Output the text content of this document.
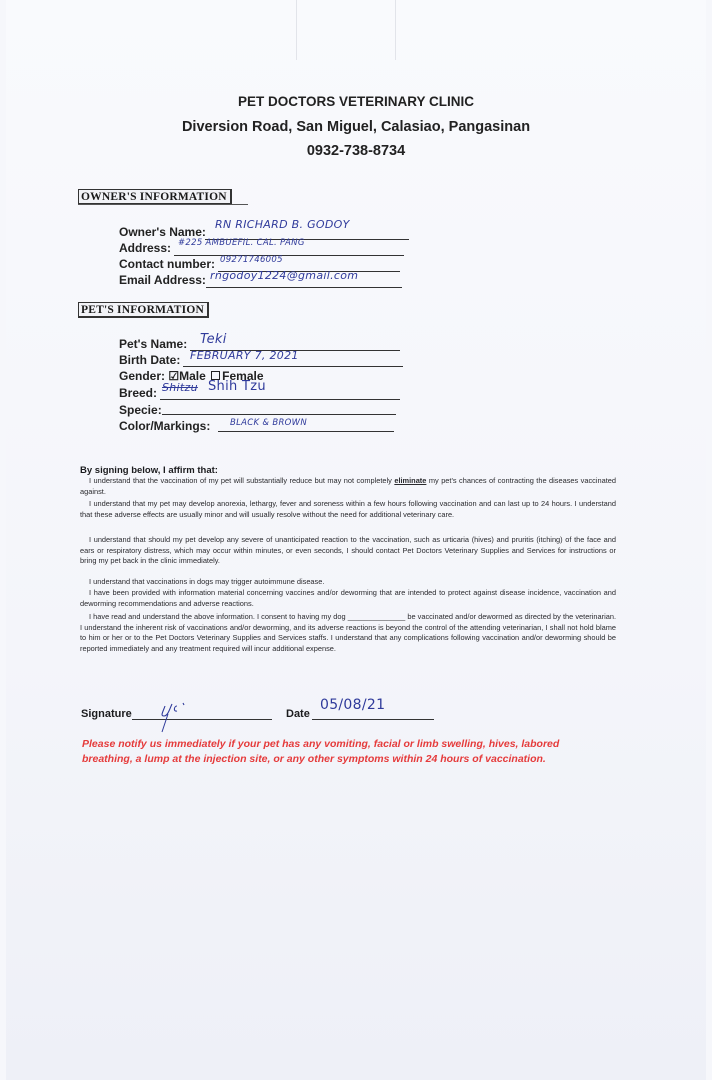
PET DOCTORS VETERINARY CLINIC
Diversion Road, San Miguel, Calasiao, Pangasinan
0932-738-8734
OWNER'S INFORMATION
Owner's Name:
RN RICHARD B. GODOY
Address: #225 AMBUEFIL. CAL. PANG
Contact number: 09271746005
Email Address: rngodoy1224@gmail.com
PET'S INFORMATION
Pet's Name: Teki
Birth Date: FEBRUARY 7, 2021
Gender: ☑Male Female
Breed: Shitzu Shih Tzu
Specie:
Color/Markings: BLACK & BROWN
By signing below, I affirm that:
I understand that the vaccination of my pet will substantially reduce but may not completely eliminate my pet's chances of contracting the diseases vaccinated against.
I understand that my pet may develop anorexia, lethargy, fever and soreness within a few hours following vaccination and can last up to 24 hours. I understand that these adverse effects are usually minor and will usually resolve without the need for additional veterinary care.
I understand that should my pet develop any severe of unanticipated reaction to the vaccination, such as urticaria (hives) and pruritis (itching) of the face and ears or respiratory distress, which may occur within minutes, or even seconds, I should contact Pet Doctors Veterinary Supplies and Services for instructions or bring my pet back in the clinic immediately.
I understand that vaccinations in dogs may trigger autoimmune disease.
I have been provided with information material concerning vaccines and/or deworming that are intended to protect against disease incidence, vaccination and deworming recommendations and adverse reactions.
I have read and understand the above information. I consent to having my dog ______________ be vaccinated and/or dewormed as directed by the veterinarian. I understand the inherent risk of vaccinations and/or deworming, and its adverse reactions is beyond the control of the attending veterinarian, I shall not hold blame to him or her or to the Pet Doctors Veterinary Supplies and Services staffs. I understand that any complications following vaccination and/or deworming should be reported immediately and any treatment required will incur additional expense.
Signature	Date
05/08/21
Please notify us immediately if your pet has any vomiting, facial or limb swelling, hives, labored breathing, a lump at the injection site, or any other symptoms within 24 hours of vaccination.
